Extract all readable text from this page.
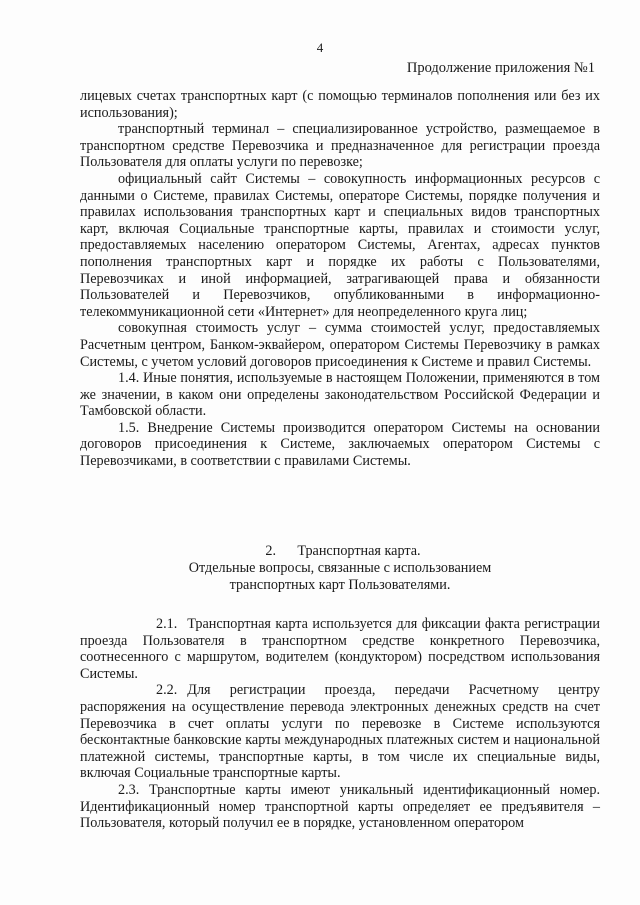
4
Продолжение приложения №1

лицевых счетах транспортных карт (с помощью терминалов пополнения или без их использования);

транспортный терминал – специализированное устройство, размещаемое в транспортном средстве Перевозчика и предназначенное для регистрации проезда Пользователя для оплаты услуги по перевозке;

официальный сайт Системы – совокупность информационных ресурсов с данными о Системе, правилах Системы, операторе Системы, порядке получения и правилах использования транспортных карт и специальных видов транспортных карт, включая Социальные транспортные карты, правилах и стоимости услуг, предоставляемых населению оператором Системы, Агентах, адресах пунктов пополнения транспортных карт и порядке их работы с Пользователями, Перевозчиках и иной информацией, затрагивающей права и обязанности Пользователей и Перевозчиков, опубликованными в информационно-телекоммуникационной сети «Интернет» для неопределенного круга лиц;

совокупная стоимость услуг – сумма стоимостей услуг, предоставляемых Расчетным центром, Банком-эквайером, оператором Системы Перевозчику в рамках Системы, с учетом условий договоров присоединения к Системе и правил Системы.

1.4. Иные понятия, используемые в настоящем Положении, применяются в том же значении, в каком они определены законодательством Российской Федерации и Тамбовской области.

1.5. Внедрение Системы производится оператором Системы на основании договоров присоединения к Системе, заключаемых оператором Системы с Перевозчиками, в соответствии с правилами Системы.

2. Транспортная карта.
Отдельные вопросы, связанные с использованием
транспортных карт Пользователями.

2.1. Транспортная карта используется для фиксации факта регистрации проезда Пользователя в транспортном средстве конкретного Перевозчика, соотнесенного с маршрутом, водителем (кондуктором) посредством использования Системы.

2.2. Для регистрации проезда, передачи Расчетному центру распоряжения на осуществление перевода электронных денежных средств на счет Перевозчика в счет оплаты услуги по перевозке в Системе используются бесконтактные банковские карты международных платежных систем и национальной платежной системы, транспортные карты, в том числе их специальные виды, включая Социальные транспортные карты.

2.3. Транспортные карты имеют уникальный идентификационный номер. Идентификационный номер транспортной карты определяет ее предъявителя – Пользователя, который получил ее в порядке, установленном оператором
